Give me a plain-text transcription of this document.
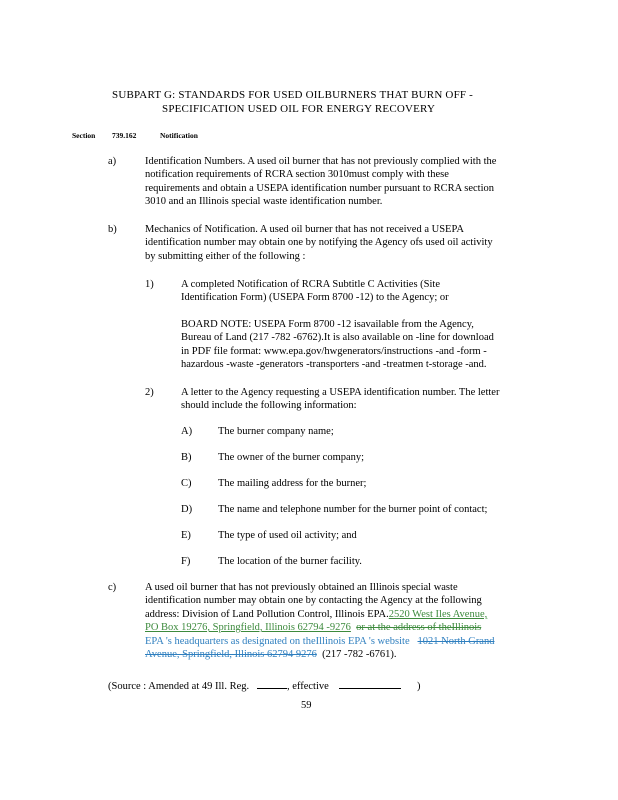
SUBPART G: STANDARDS FOR USED OILBURNERS THAT BURN OFF -
SPECIFICATION USED OIL FOR ENERGY RECOVERY
Section 739.162	Notification
a)	Identification Numbers. A used oil burner that has not previously complied with the
notification requirements of RCRA section 3010must comply with these
requirements and obtain a USEPA identification number pursuant to RCRA section
3010 and an Illinois special waste identification number.
b)	Mechanics of Notification. A used oil burner that has not received a USEPA
identification number may obtain one by notifying the Agency ofs used oil activity
by submitting either of the following :
1)	A completed Notification of RCRA Subtitle C Activities (Site
Identification Form) (USEPA Form 8700 -12) to the Agency; or
BOARD NOTE: USEPA Form 8700 -12 isavailable from the Agency,
Bureau of Land (217 -782 -6762).It is also available on -line for download
in PDF file format: www.epa.gov/hwgenerators/instructions -and -form -
hazardous -waste -generators -transporters -and -treatmen t-storage -and.
2)	A letter to the Agency requesting a USEPA identification number. The letter
should include the following information:
A) The burner company name;
B)	The owner of the burner company;
C)	The mailing address for the burner;
D) The name and telephone number for the burner point of contact;
E)	The type of used oil activity; and
F)	The location of the burner facility.
c)	A used oil burner that has not previously obtained an Illinois special waste
identification number may obtain one by contacting the Agency at the following
address: Division of Land Pollution Control, Illinois EPA.2520 West Iles Avenue,
PO Box 19276, Springfield, Illinois 62794 -9276 or at the address of theIllinois
EPA 's headquarters as designated on theIllinois EPA 's website 1021 North Grand
Avenue, Springfield, Illinois 62794 9276 (217 -782 -6761).
(Source : Amended at 49 Ill. Reg.	, effective	)
59
